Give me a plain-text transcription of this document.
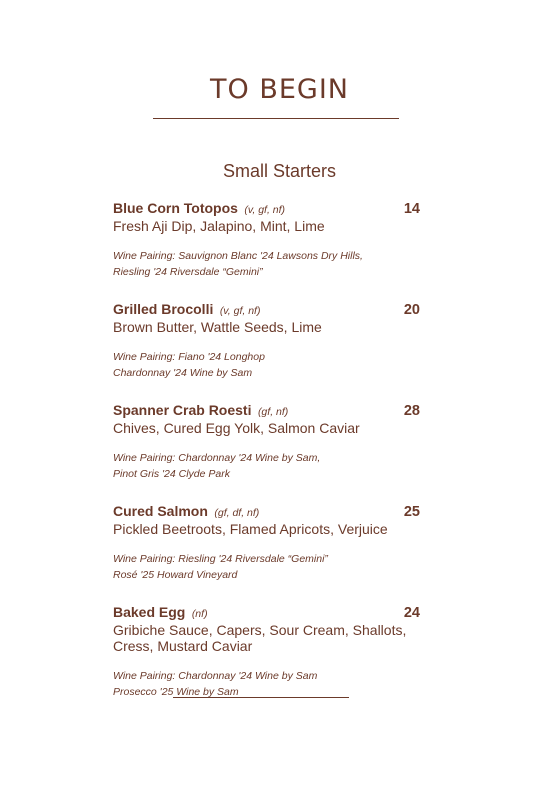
TO BEGIN
Small Starters
Blue Corn Totopos (v, gf, nf)	14
Fresh Aji Dip, Jalapino, Mint, Lime
Wine Pairing: Sauvignon Blanc '24 Lawsons Dry Hills,
Riesling '24 Riversdale “Gemini”
Grilled Brocolli (v, gf, nf)	20
Brown Butter, Wattle Seeds, Lime
Wine Pairing: Fiano '24 Longhop
Chardonnay '24 Wine by Sam
Spanner Crab Roesti (gf, nf)	28
Chives, Cured Egg Yolk, Salmon Caviar
Wine Pairing: Chardonnay '24 Wine by Sam,
Pinot Gris '24 Clyde Park
Cured Salmon (gf, df, nf)	25
Pickled Beetroots, Flamed Apricots, Verjuice
Wine Pairing: Riesling '24 Riversdale “Gemini”
Rosé '25 Howard Vineyard
Baked Egg (nf)	24
Gribiche Sauce, Capers, Sour Cream, Shallots, Cress, Mustard Caviar
Wine Pairing: Chardonnay '24 Wine by Sam
Prosecco '25 Wine by Sam
